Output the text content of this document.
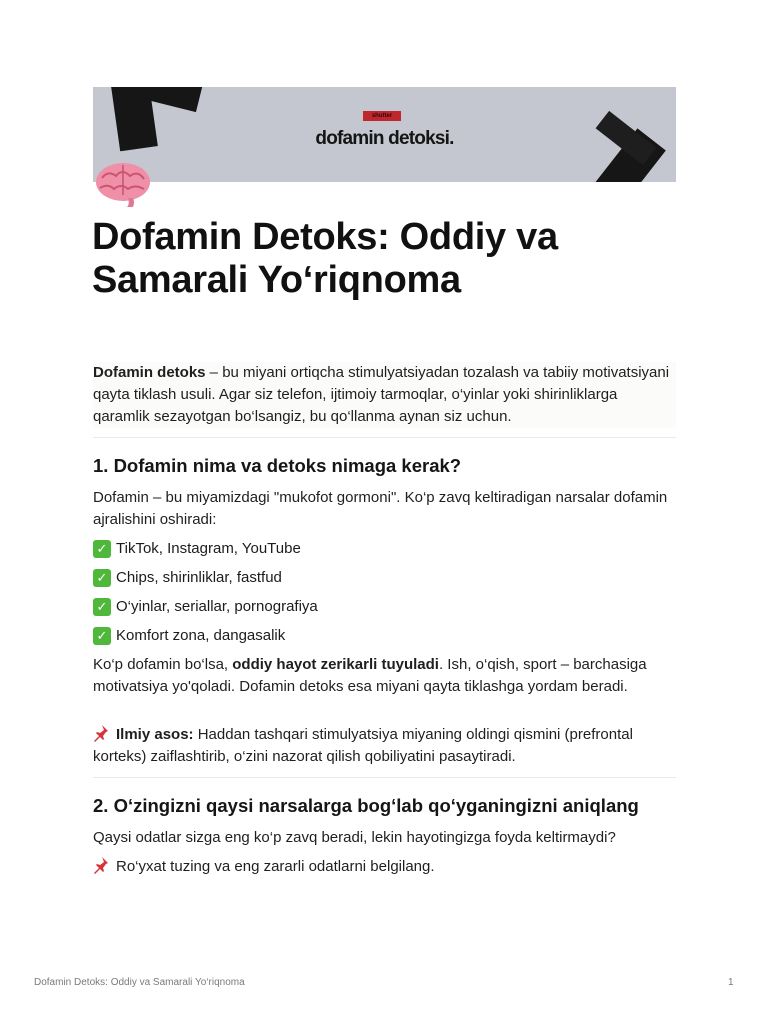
shutter
dofamin detoksi.
Dofamin Detoks: Oddiy va
Samarali Yo‘riqnoma

Dofamin detoks – bu miyani ortiqcha stimulyatsiyadan tozalash va tabiiy motivatsiyani qayta tiklash usuli. Agar siz telefon, ijtimoiy tarmoqlar, o‘yinlar yoki shirinliklarga qaramlik sezayotgan bo‘lsangiz, bu qo‘llanma aynan siz uchun.

1. Dofamin nima va detoks nimaga kerak?

Dofamin – bu miyamizdagi "mukofot gormoni". Ko‘p zavq keltiradigan narsalar dofamin ajralishini oshiradi:

✓ TikTok, Instagram, YouTube
✓ Chips, shirinliklar, fastfud
✓ O‘yinlar, seriallar, pornografiya
✓ Komfort zona, dangasalik

Ko‘p dofamin bo‘lsa, oddiy hayot zerikarli tuyuladi. Ish, o‘qish, sport – barchasiga motivatsiya yo'qoladi. Dofamin detoks esa miyani qayta tiklashga yordam beradi.

Ilmiy asos: Haddan tashqari stimulyatsiya miyaning oldingi qismini (prefrontal korteks) zaiflashtirib, o‘zini nazorat qilish qobiliyatini pasaytiradi.

2. O‘zingizni qaysi narsalarga bog‘lab qo‘yganingizni aniqlang

Qaysi odatlar sizga eng ko‘p zavq beradi, lekin hayotingizga foyda keltirmaydi?

Ro‘yxat tuzing va eng zararli odatlarni belgilang.

Dofamin Detoks: Oddiy va Samarali Yo‘riqnoma	1
